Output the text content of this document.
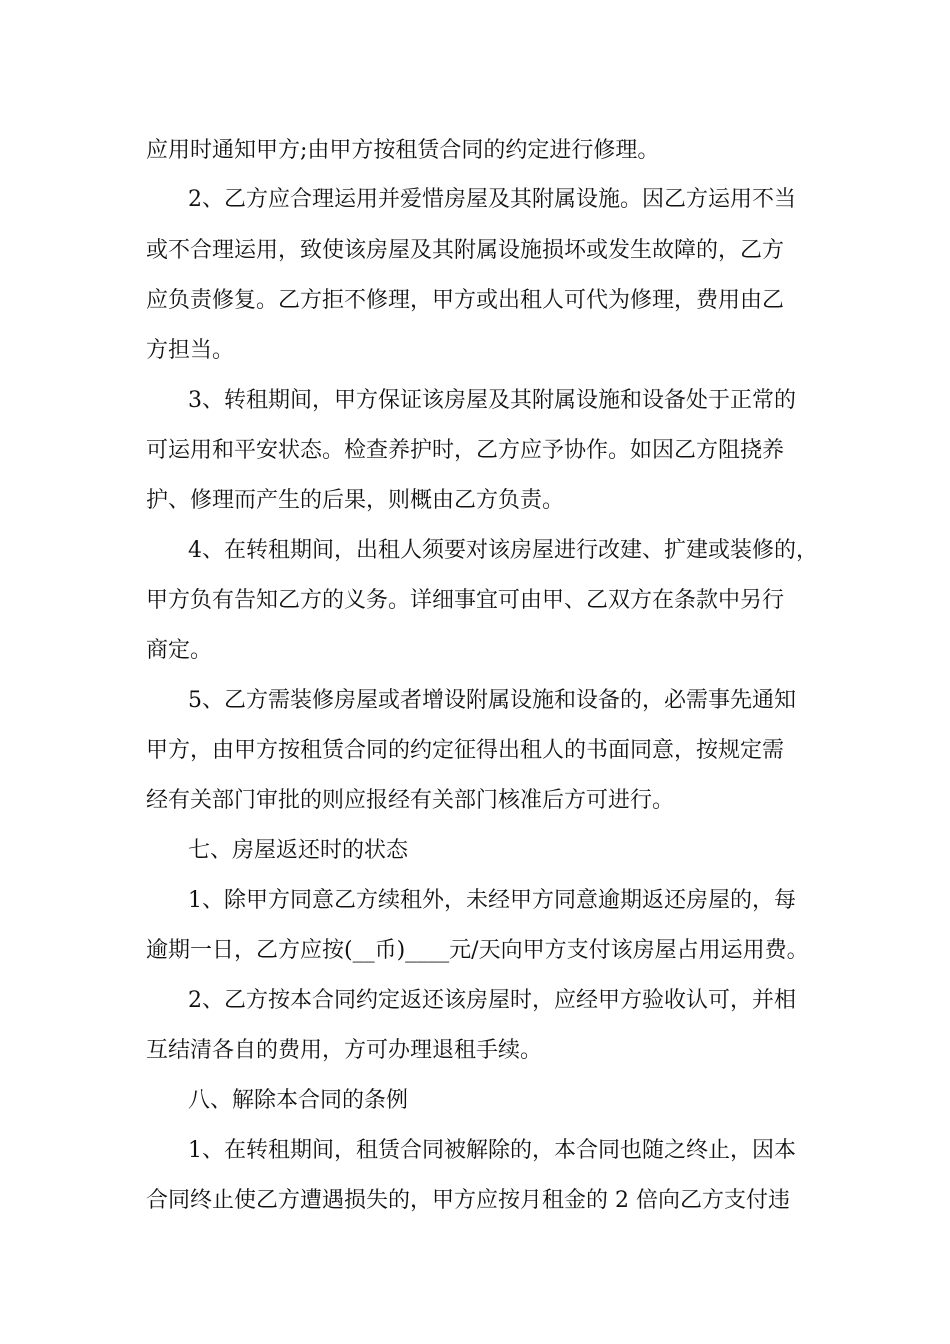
应用时通知甲方;由甲方按租赁合同的约定进行修理。
2、乙方应合理运用并爱惜房屋及其附属设施。因乙方运用不当
或不合理运用，致使该房屋及其附属设施损坏或发生故障的，乙方
应负责修复。乙方拒不修理，甲方或出租人可代为修理，费用由乙
方担当。
3、转租期间，甲方保证该房屋及其附属设施和设备处于正常的
可运用和平安状态。检查养护时，乙方应予协作。如因乙方阻挠养
护、修理而产生的后果，则概由乙方负责。
4、在转租期间，出租人须要对该房屋进行改建、扩建或装修的，
甲方负有告知乙方的义务。详细事宜可由甲、乙双方在条款中另行
商定。
5、乙方需装修房屋或者增设附属设施和设备的，必需事先通知
甲方，由甲方按租赁合同的约定征得出租人的书面同意，按规定需
经有关部门审批的则应报经有关部门核准后方可进行。
七、房屋返还时的状态
1、除甲方同意乙方续租外，未经甲方同意逾期返还房屋的，每
逾期一日，乙方应按(__币)____元/天向甲方支付该房屋占用运用费。
2、乙方按本合同约定返还该房屋时，应经甲方验收认可，并相
互结清各自的费用，方可办理退租手续。
八、解除本合同的条例
1、在转租期间，租赁合同被解除的，本合同也随之终止，因本
合同终止使乙方遭遇损失的，甲方应按月租金的 2 倍向乙方支付违
